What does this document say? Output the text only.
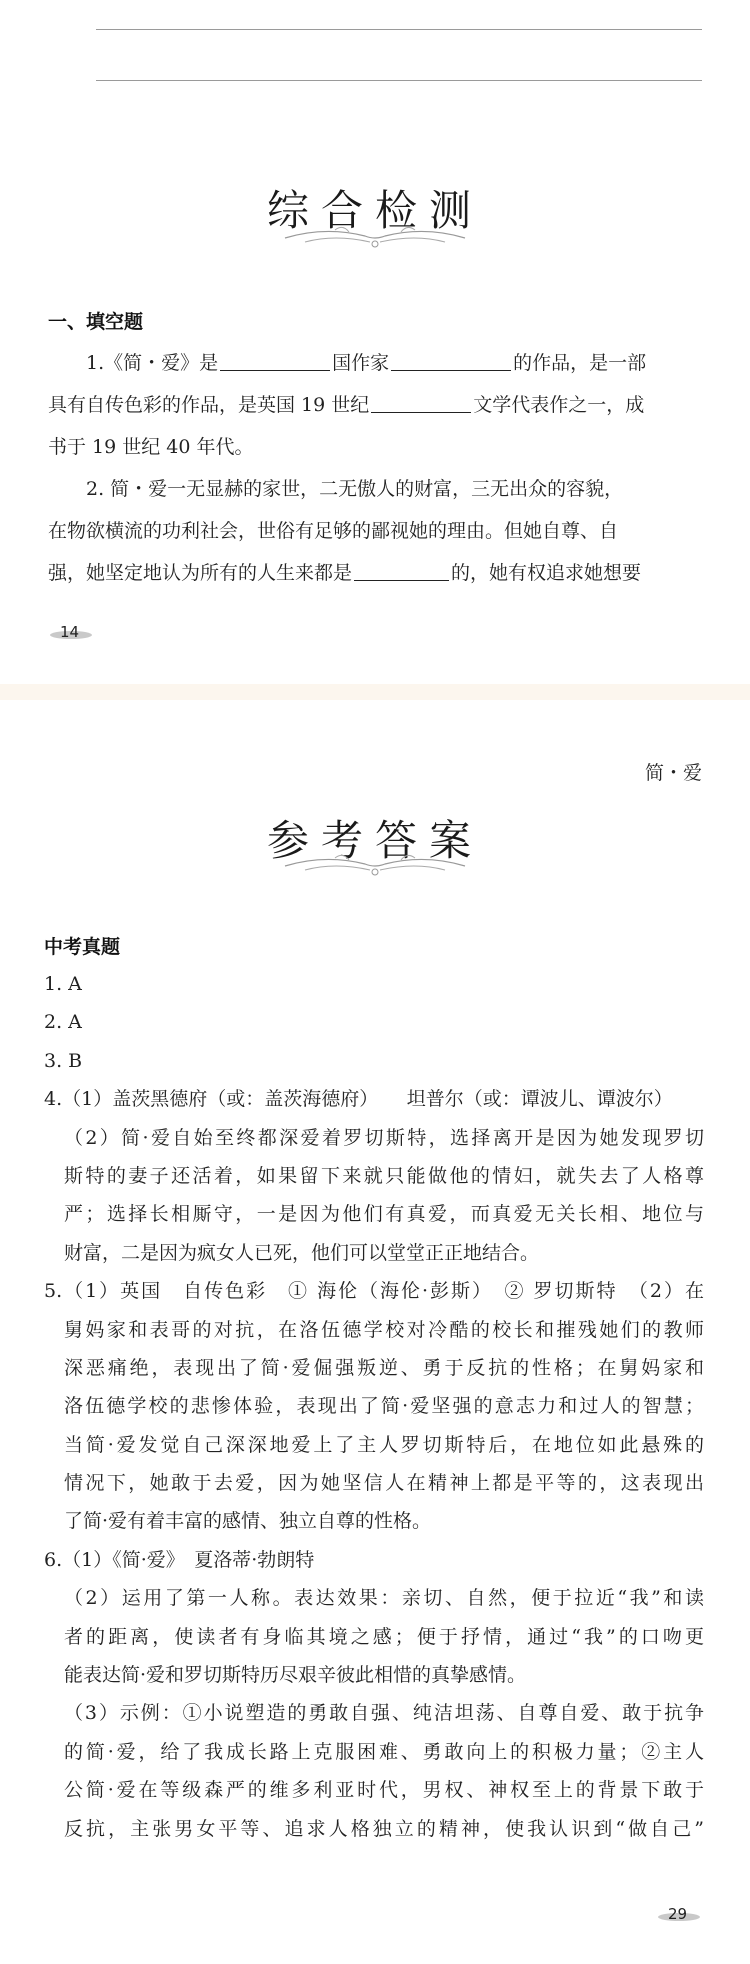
综合检测
一、填空题
1.《简・爱》是	国作家	的作品，是一部
具有自传色彩的作品，是英国 19 世纪	文学代表作之一，成
书于 19 世纪 40 年代。
2. 简・爱一无显赫的家世，二无傲人的财富，三无出众的容貌，
在物欲横流的功利社会，世俗有足够的鄙视她的理由。但她自尊、自
强，她坚定地认为所有的人生来都是	的，她有权追求她想要
14
简・爱
参考答案
中考真题
1. A
2. A
3. B
4.（1）盖茨黑德府（或：盖茨海德府）　　坦普尔（或：谭波儿、谭波尔）
（2）简·爱自始至终都深爱着罗切斯特，选择离开是因为她发现罗切
斯特的妻子还活着，如果留下来就只能做他的情妇，就失去了人格尊
严；选择长相厮守，一是因为他们有真爱，而真爱无关长相、地位与
财富，二是因为疯女人已死，他们可以堂堂正正地结合。
5.（1）英国　自传色彩　① 海伦（海伦·彭斯）　② 罗切斯特　（2）在
舅妈家和表哥的对抗，在洛伍德学校对冷酷的校长和摧残她们的教师
深恶痛绝，表现出了简·爱倔强叛逆、勇于反抗的性格；在舅妈家和
洛伍德学校的悲惨体验，表现出了简·爱坚强的意志力和过人的智慧；
当简·爱发觉自己深深地爱上了主人罗切斯特后，在地位如此悬殊的
情况下，她敢于去爱，因为她坚信人在精神上都是平等的，这表现出
了简·爱有着丰富的感情、独立自尊的性格。
6.（1）《简·爱》　夏洛蒂·勃朗特
（2）运用了第一人称。表达效果：亲切、自然，便于拉近“我”和读
者的距离，使读者有身临其境之感；便于抒情，通过“我”的口吻更
能表达简·爱和罗切斯特历尽艰辛彼此相惜的真挚感情。
（3）示例：①小说塑造的勇敢自强、纯洁坦荡、自尊自爱、敢于抗争
的简·爱，给了我成长路上克服困难、勇敢向上的积极力量；②主人
公简·爱在等级森严的维多利亚时代，男权、神权至上的背景下敢于
反抗，主张男女平等、追求人格独立的精神，使我认识到“做自己”
29
